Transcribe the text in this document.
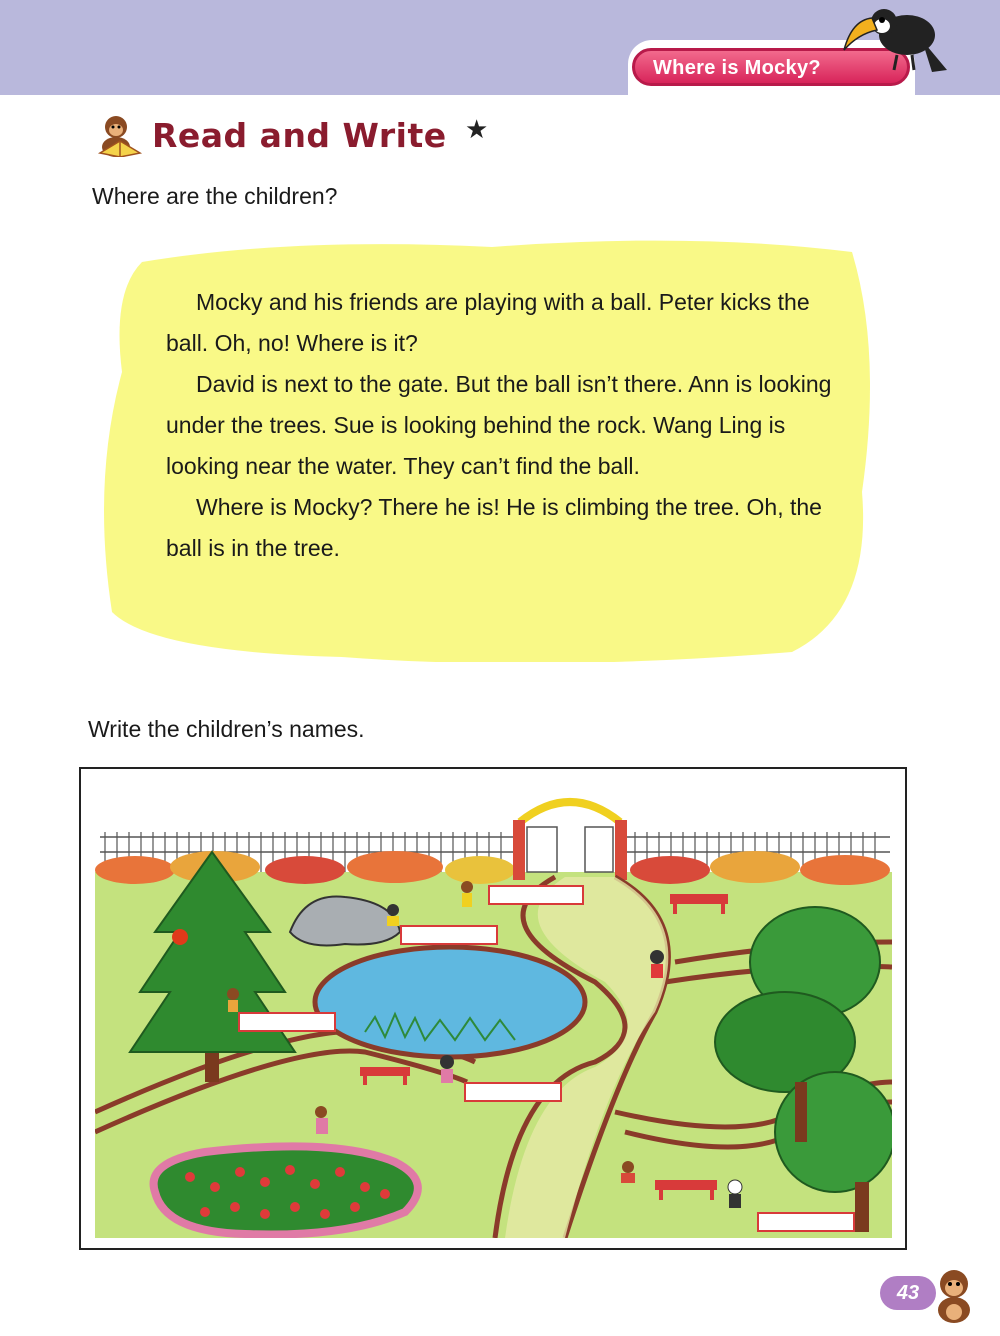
Where is Mocky?
Read and Write ★
Where are the children?

Mocky and his friends are playing with a ball. Peter kicks the ball. Oh, no! Where is it?

David is next to the gate. But the ball isn’t there. Ann is looking under the trees. Sue is looking behind the rock. Wang Ling is looking near the water. They can’t find the ball.

Where is Mocky? There he is! He is climbing the tree. Oh, the ball is in the tree.

Write the children’s names.
43
